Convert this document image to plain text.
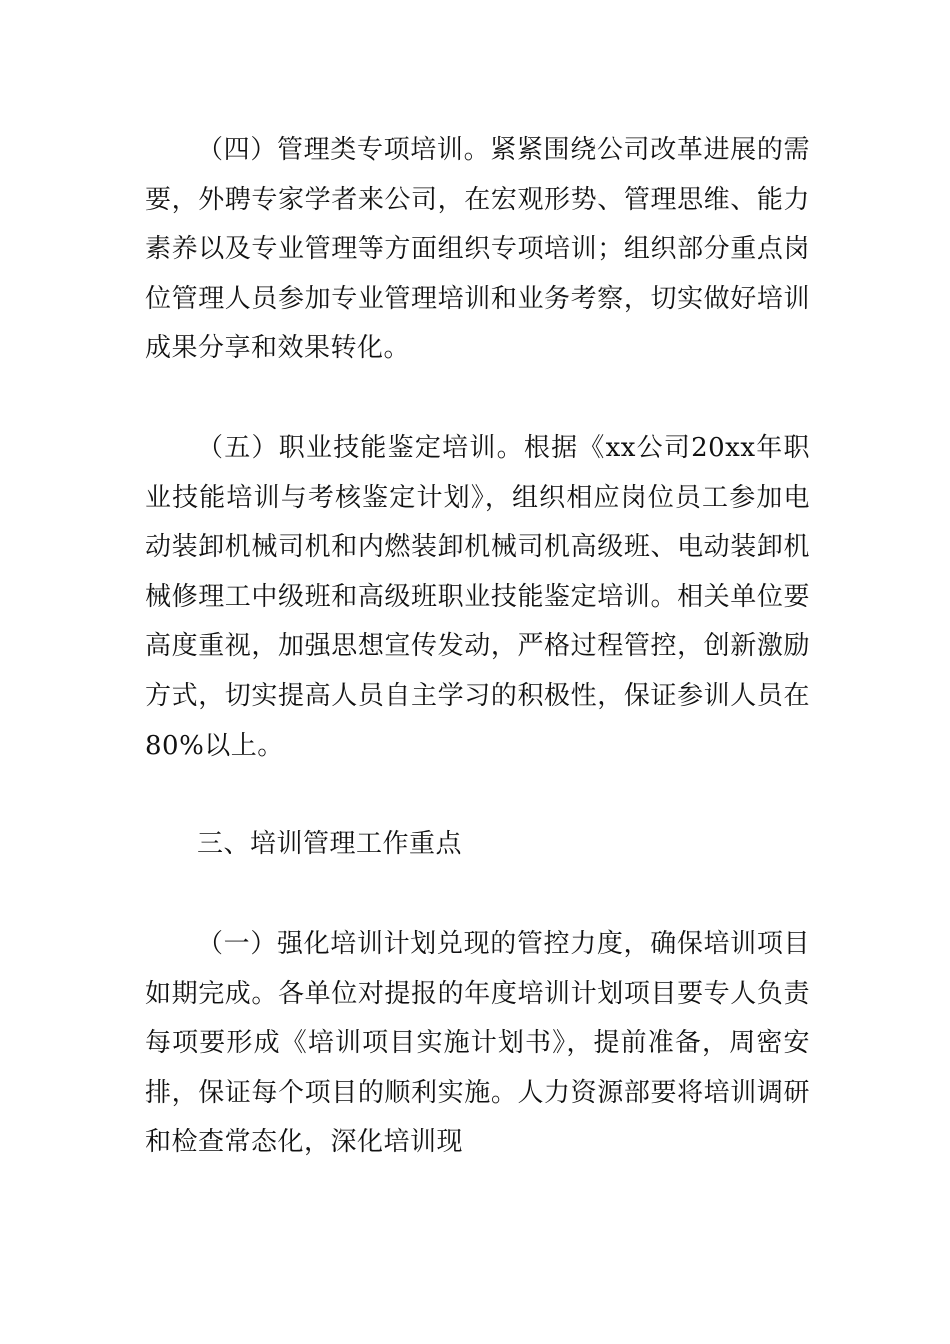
（四）管理类专项培训。紧紧围绕公司改革进展的需要，外聘专家学者来公司，在宏观形势、管理思维、能力素养以及专业管理等方面组织专项培训；组织部分重点岗位管理人员参加专业管理培训和业务考察，切实做好培训成果分享和效果转化。

（五）职业技能鉴定培训。根据《xx公司20xx年职业技能培训与考核鉴定计划》，组织相应岗位员工参加电动装卸机械司机和内燃装卸机械司机高级班、电动装卸机械修理工中级班和高级班职业技能鉴定培训。相关单位要高度重视，加强思想宣传发动，严格过程管控，创新激励方式，切实提高人员自主学习的积极性，保证参训人员在80%以上。

三、培训管理工作重点

（一）强化培训计划兑现的管控力度，确保培训项目如期完成。各单位对提报的年度培训计划项目要专人负责每项要形成《培训项目实施计划书》，提前准备，周密安排，保证每个项目的顺利实施。人力资源部要将培训调研和检查常态化，深化培训现
